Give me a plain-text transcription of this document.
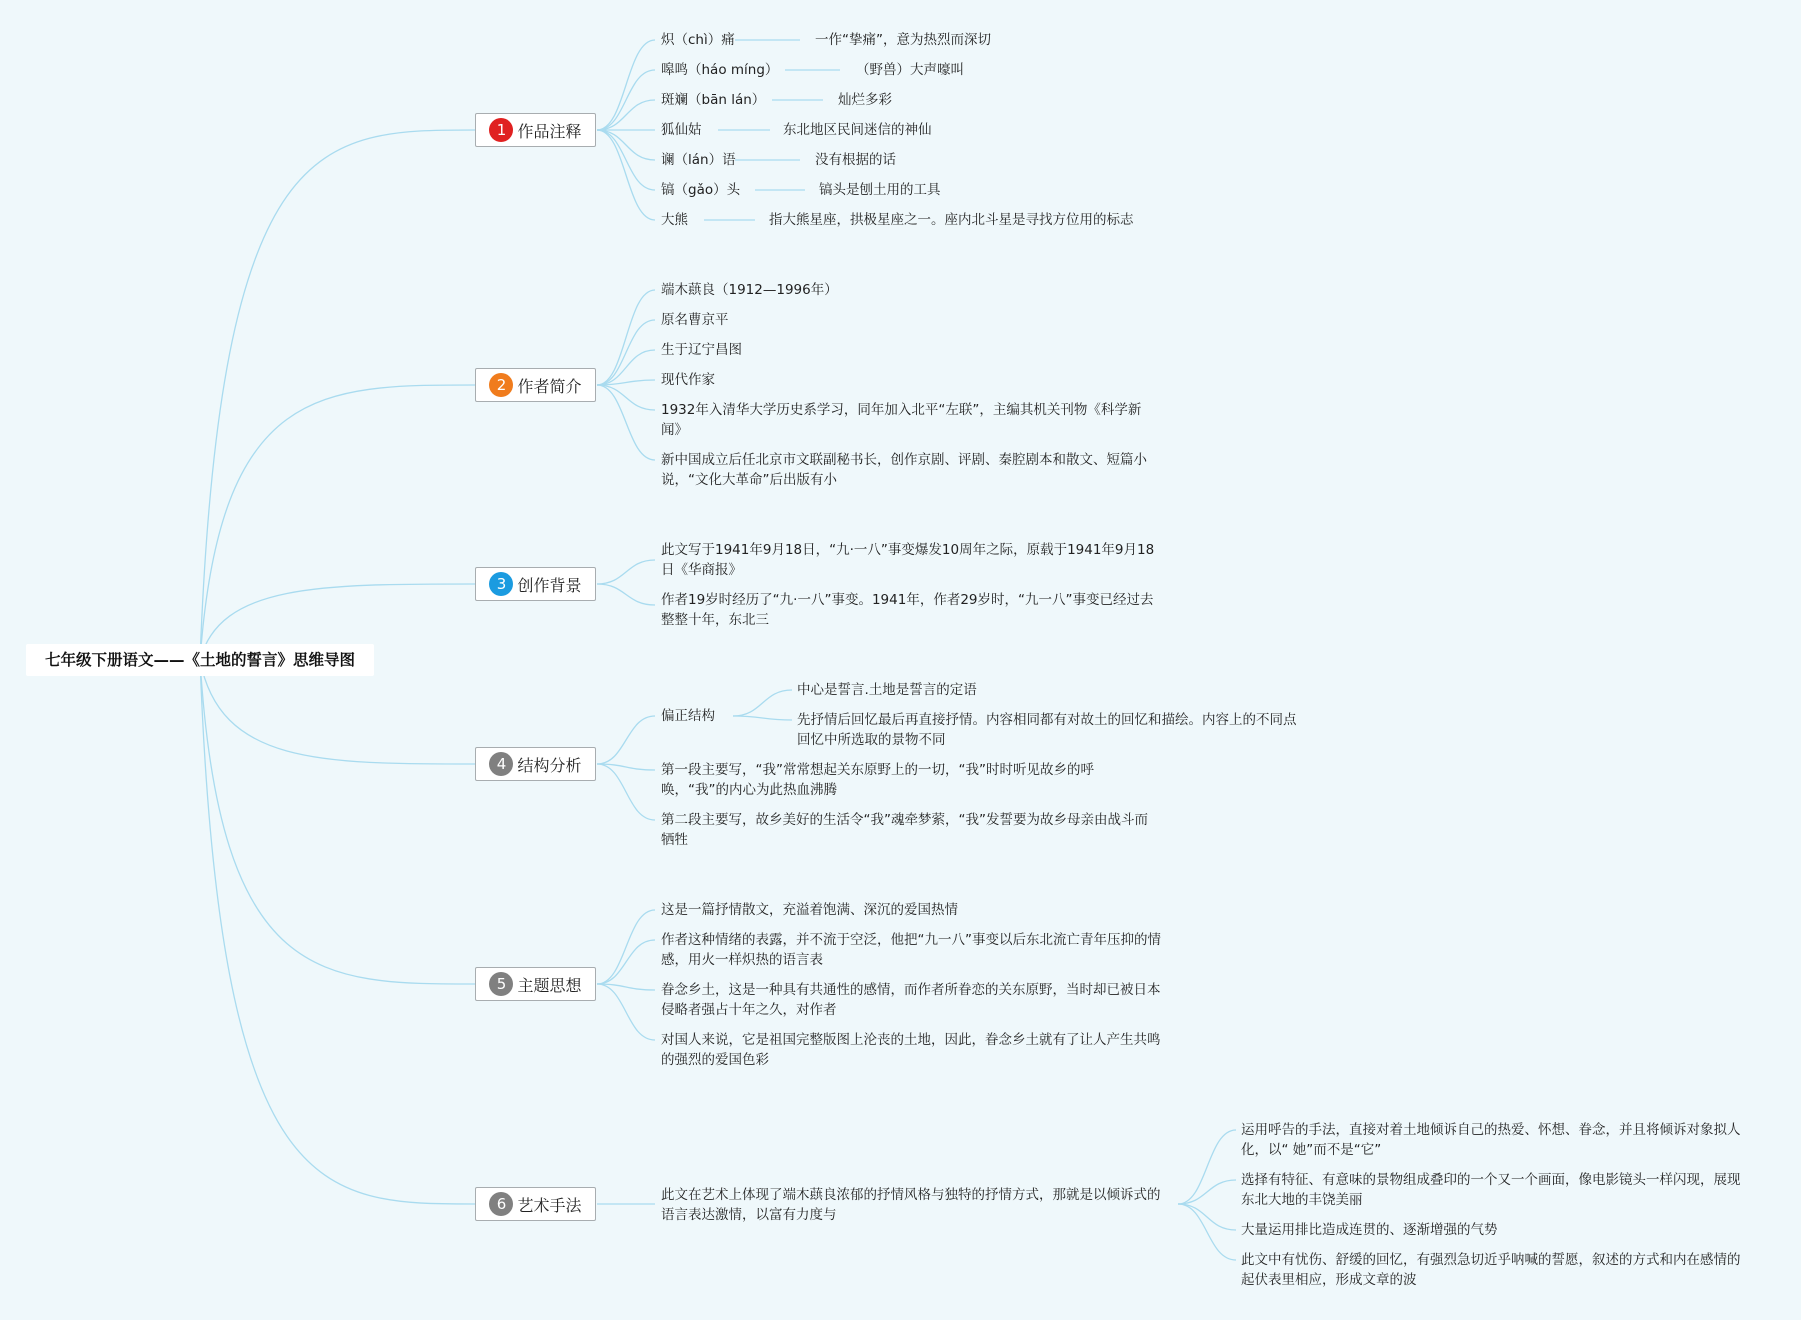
七年级下册语文——《土地的誓言》思维导图
1 作品注释
炽（chì）痛	一作“挚痛”，意为热烈而深切
嗥鸣（háo míng）	（野兽）大声嚎叫
斑斓（bān lán）	灿烂多彩
狐仙姑	东北地区民间迷信的神仙
谰（lán）语	没有根据的话
镐（gǎo）头	镐头是刨土用的工具
大熊	指大熊星座，拱极星座之一。座内北斗星是寻找方位用的标志
2 作者简介
端木蕻良（1912—1996年）
原名曹京平
生于辽宁昌图
现代作家
1932年入清华大学历史系学习，同年加入北平“左联”，主编其机关刊物《科学新闻》
新中国成立后任北京市文联副秘书长，创作京剧、评剧、秦腔剧本和散文、短篇小说，“文化大革命”后出版有小
3 创作背景
此文写于1941年9月18日，“九·一八”事变爆发10周年之际，原载于1941年9月18日《华商报》
作者19岁时经历了“九·一八”事变。1941年，作者29岁时，“九一八”事变已经过去整整十年，东北三
4 结构分析
偏正结构
中心是誓言.土地是誓言的定语
先抒情后回忆最后再直接抒情。内容相同都有对故土的回忆和描绘。内容上的不同点回忆中所选取的景物不同
第一段主要写，“我”常常想起关东原野上的一切，“我”时时听见故乡的呼唤，“我”的内心为此热血沸腾
第二段主要写，故乡美好的生活令“我”魂牵梦萦，“我”发誓要为故乡母亲由战斗而牺牲
5 主题思想
这是一篇抒情散文，充溢着饱满、深沉的爱国热情
作者这种情绪的表露，并不流于空泛，他把“九一八”事变以后东北流亡青年压抑的情感，用火一样炽热的语言表
眷念乡土，这是一种具有共通性的感情，而作者所眷恋的关东原野，当时却已被日本侵略者强占十年之久，对作者
对国人来说，它是祖国完整版图上沦丧的土地，因此，眷念乡土就有了让人产生共鸣的强烈的爱国色彩
6 艺术手法
此文在艺术上体现了端木蕻良浓郁的抒情风格与独特的抒情方式，那就是以倾诉式的语言表达激情，以富有力度与
运用呼告的手法，直接对着土地倾诉自己的热爱、怀想、眷念，并且将倾诉对象拟人化，以“ 她”而不是“它”
选择有特征、有意味的景物组成叠印的一个又一个画面，像电影镜头一样闪现，展现东北大地的丰饶美丽
大量运用排比造成连贯的、逐渐增强的气势
此文中有忧伤、舒缓的回忆，有强烈急切近乎呐喊的誓愿，叙述的方式和内在感情的起伏表里相应，形成文章的波
